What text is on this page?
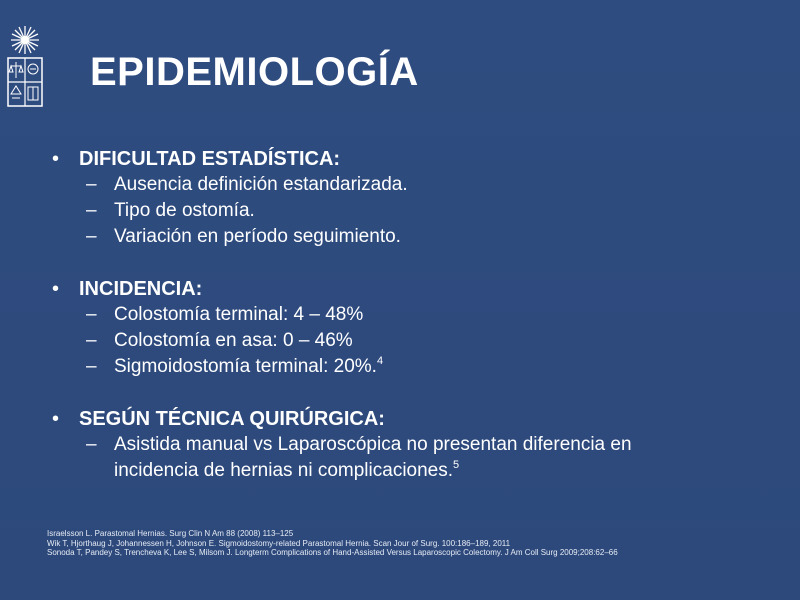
EPIDEMIOLOGÍA
• DIFICULTAD ESTADÍSTICA:
– Ausencia definición estandarizada.
– Tipo de ostomía.
– Variación en período seguimiento.
• INCIDENCIA:
– Colostomía terminal: 4 – 48%
– Colostomía en asa: 0 – 46%
– Sigmoidostomía terminal: 20%.$^4$
• SEGÚN TÉCNICA QUIRÚRGICA:
– Asistida manual vs Laparoscópica no presentan diferencia en
incidencia de hernias ni complicaciones.$^5$
Israelsson L. Parastomal Hernias. Surg Clin N Am 88 (2008) 113–125
Wik T, Hjorthaug J, Johannessen H, Johnson E. Sigmoidostomy-related Parastomal Hernia. Scan Jour of Surg. 100:186–189, 2011
Sonoda T, Pandey S, Trencheva K, Lee S, Milsom J. Longterm Complications of Hand-Assisted Versus Laparoscopic Colectomy. J Am Coll Surg 2009;208:62–66
